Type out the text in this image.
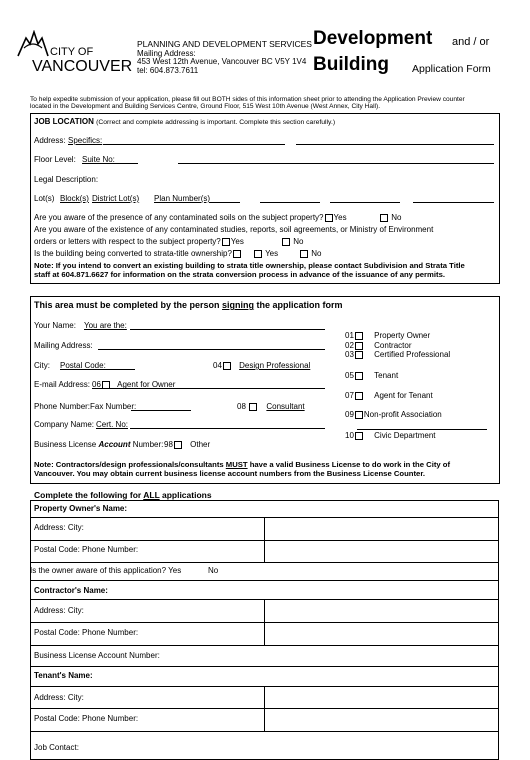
CITY OF
VANCOUVER
PLANNING AND DEVELOPMENT SERVICES
Mailing Address:
453 West 12th Avenue, Vancouver BC V5Y 1V4
tel: 604.873.7611
Development and / or
Building Application Form
To help expedite submission of your application, please fill out BOTH sides of this information sheet prior to attending the Application Preview counter
located in the Development and Building Services Centre, Ground Floor, 515 West 10th Avenue (West Annex, City Hall).
JOB LOCATION (Correct and complete addressing is important. Complete this section carefully.)
Address: Specifics:
Floor Level: Suite No:
Legal Description:
Lot(s) Block(s) District Lot(s) Plan Number(s)
Are you aware of the presence of any contaminated soils on the subject property? Yes	No
Are you aware of the existence of any contaminated studies, reports, soil agreements, or Ministry of Environment
orders or letters with respect to the subject property? Yes	No
Is the building being converted to strata-title ownership?	Yes	No
Note: If you intend to convert an existing building to strata title ownership, please contact Subdivision and Strata Title
staff at 604.871.6627 for information on the strata conversion process in advance of the issuance of any permits.
This area must be completed by the person signing the application form
Your Name: You are the:
Mailing Address:
City: Postal Code:
E-mail Address:
Phone Number: Fax Number:
Company Name: Cert. No:
Business License Account Number:
04 Design Professional
06 Agent for Owner
08	Consultant
98 Other
01	Property Owner
02	Contractor
03	Certified Professional
05	Tenant
07	Agent for Tenant
09 Non-profit Association
10	Civic Department
Note: Contractors/design professionals/consultants MUST have a valid Business License to do work in the City of
Vancouver. You may obtain current business license account numbers from the Business License Counter.
Complete the following for ALL applications
Property Owner's Name:
Address: City:
Postal Code: Phone Number:
Is the owner aware of this application? Yes	No
Contractor's Name:
Address: City:
Postal Code: Phone Number:
Business License Account Number:
Tenant's Name:
Address: City:
Postal Code: Phone Number:
Job Contact:
